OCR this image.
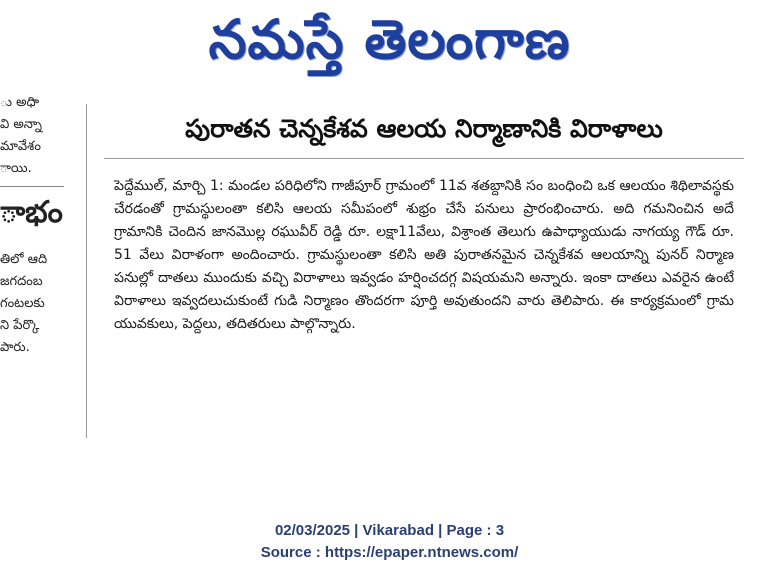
నమస్తే తెలంగాణ
ు అధిా
వి అన్నా
మావేశం
ాయి.
ాభం
తిలో ఆది
జగదంబ
గంటలకు
ని పేర్కొ
పారు.
పురాతన చెన్నకేశవ ఆలయ నిర్మాణానికి విరాళాలు

పెద్దేముల్, మార్చి 1: మండల పరిధిలోని గాజీపూర్ గ్రామంలో 11వ శతబ్దానికి సం బంధించి ఒక ఆలయం శిథిలావస్థకు చేరడంతో గ్రామస్థులంతా కలిసి ఆలయ సమీపంలో శుభ్రం చేసే పనులు ప్రారంభించారు. అది గమనించిన అదే గ్రామానికి చెందిన జానమొల్ల రఘువీర్ రెడ్డి రూ. లక్షా11వేలు, విశ్రాంత తెలుగు ఉపాధ్యాయుడు నాగయ్య గౌడ్ రూ. 51 వేలు విరాళంగా అందించారు. గ్రామస్థులంతా కలిసి అతి పురాతనమైన చెన్నకేశవ ఆలయాన్ని పునర్ నిర్మాణ పనుల్లో దాతలు ముందుకు వచ్చి విరాళాలు ఇవ్వడం హర్షించదగ్గ విషయమని అన్నారు. ఇంకా దాతలు ఎవరైన ఉంటే విరాళాలు ఇవ్వదలుచుకుంటే గుడి నిర్మాణం తొందరగా పూర్తి అవుతుందని వారు తెలిపారు. ఈ కార్యక్రమంలో గ్రామ యువకులు, పెద్దలు, తదితరులు పాల్గొన్నారు.

02/03/2025 | Vikarabad | Page : 3
Source : https://epaper.ntnews.com/
